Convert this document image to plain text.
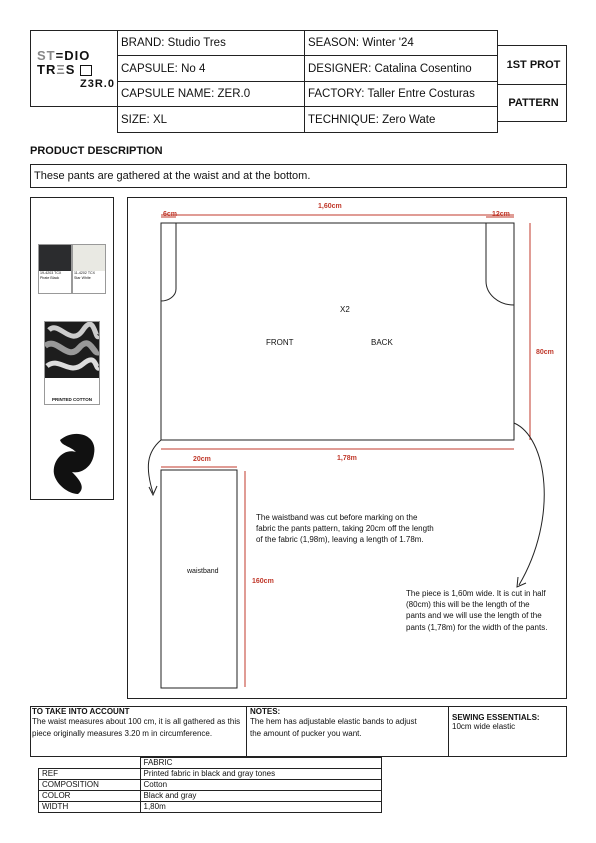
ST=DIO
TRΞS
Z3R.0
BRAND: Studio Tres	SEASON: Winter '24
CAPSULE: No 4	DESIGNER: Catalina Cosentino
CAPSULE NAME: ZER.0	FACTORY: Taller Entre Costuras
SIZE: XL	TECHNIQUE: Zero Wate
1ST PROT
PATTERN
PRODUCT DESCRIPTION
These pants are gathered at the waist and at the bottom.
19-4203 TCX
Pirate Black
11-4202 TCX
Star White
PRINTED COTTON
1,60cm
6cm	12cm
X2
FRONT	BACK
80cm
1,78m
20cm
waistband
160cm
The waistband was cut before marking on the fabric the pants pattern, taking 20cm off the length of the fabric (1,98m), leaving a length of 1.78m.
The piece is 1,60m wide. It is cut in half (80cm) this will be the length of the pants and we will use the length of the pants (1,78m) for the width of the pants.
TO TAKE INTO ACCOUNT
The waist measures about 100 cm, it is all gathered as this piece originally measures 3.20 m in circumference.
NOTES:
The hem has adjustable elastic bands to adjust the amount of pucker you want.
SEWING ESSENTIALS:
10cm wide elastic
	FABRIC
REF	Printed fabric in black and gray tones
COMPOSITION	Cotton
COLOR	Black and gray
WIDTH	1,80m
